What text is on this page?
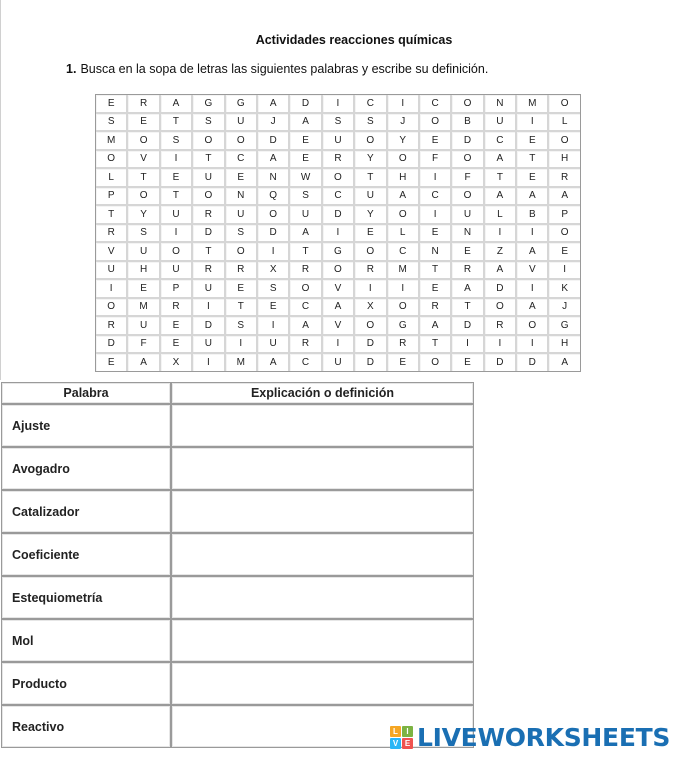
Actividades reacciones químicas
1. Busca en la sopa de letras las siguientes palabras y escribe su definición.
E	R	A	G	G	A	D	I	C	I	C	O	N	M	O
S	E	T	S	U	J	A	S	S	J	O	B	U	I	L
M	O	S	O	O	D	E	U	O	Y	E	D	C	E	O
O	V	I	T	C	A	E	R	Y	O	F	O	A	T	H
L	T	E	U	E	N	W	O	T	H	I	F	T	E	R
P	O	T	O	N	Q	S	C	U	A	C	O	A	A	A
T	Y	U	R	U	O	U	D	Y	O	I	U	L	B	P
R	S	I	D	S	D	A	I	E	L	E	N	I	I	O
V	U	O	T	O	I	T	G	O	C	N	E	Z	A	E
U	H	U	R	R	X	R	O	R	M	T	R	A	V	I
I	E	P	U	E	S	O	V	I	I	E	A	D	I	K
O	M	R	I	T	E	C	A	X	O	R	T	O	A	J
R	U	E	D	S	I	A	V	O	G	A	D	R	O	G
D	F	E	U	I	U	R	I	D	R	T	I	I	I	H
E	A	X	I	M	A	C	U	D	E	O	E	D	D	A
Palabra	Explicación o definición
Ajuste	
Avogadro	
Catalizador	
Coeficiente	
Estequiometría	
Mol	
Producto	
Reactivo		L	I
V E LIVEWORKSHEETS
